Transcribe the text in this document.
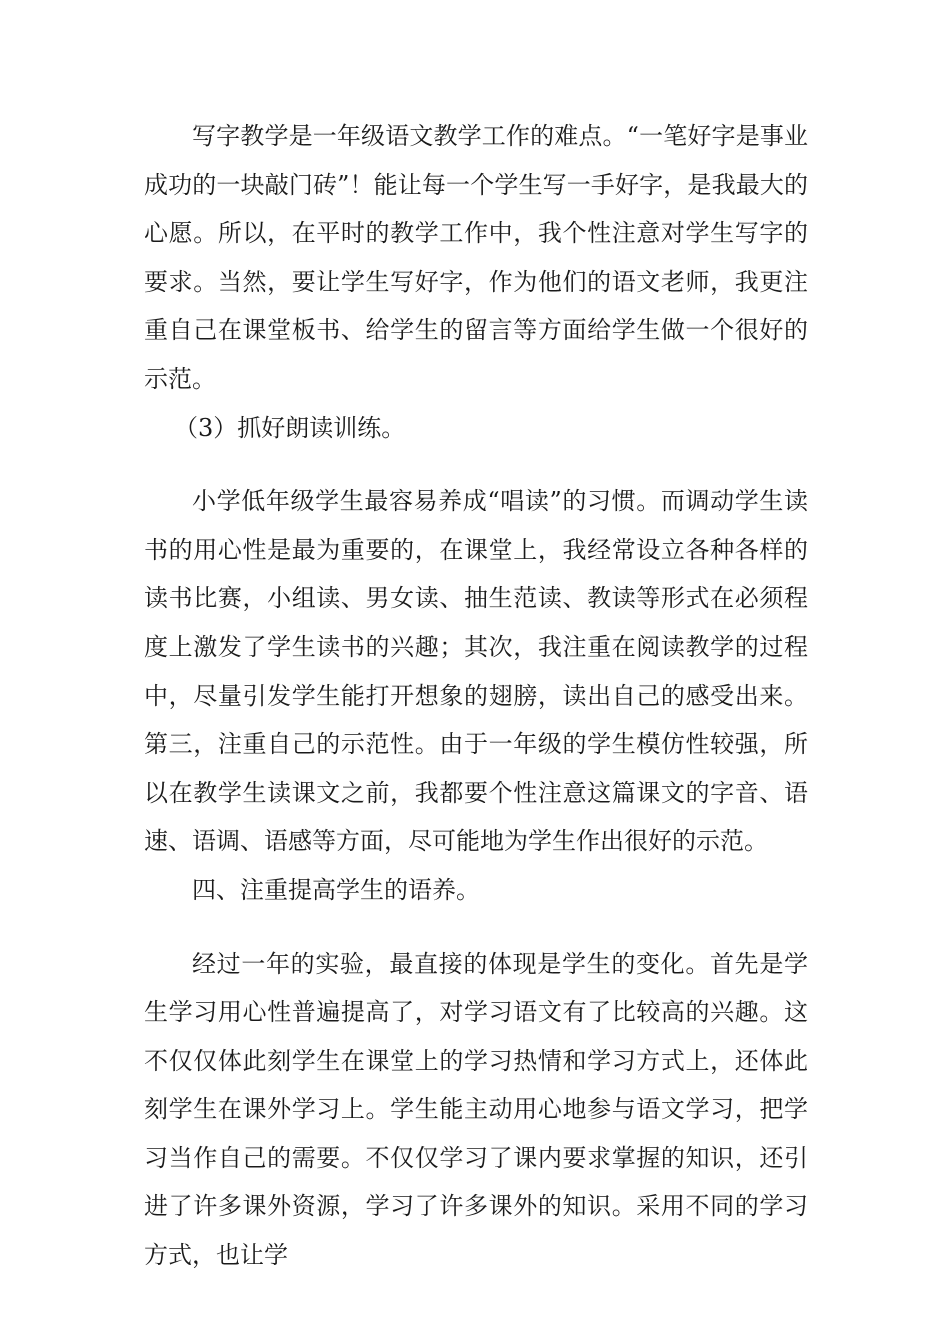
写字教学是一年级语文教学工作的难点。“一笔好字是事业成功的一块敲门砖”！能让每一个学生写一手好字，是我最大的心愿。所以，在平时的教学工作中，我个性注意对学生写字的要求。当然，要让学生写好字，作为他们的语文老师，我更注重自己在课堂板书、给学生的留言等方面给学生做一个很好的示范。

（3）抓好朗读训练。

小学低年级学生最容易养成“唱读”的习惯。而调动学生读书的用心性是最为重要的，在课堂上，我经常设立各种各样的读书比赛，小组读、男女读、抽生范读、教读等形式在必须程度上激发了学生读书的兴趣；其次，我注重在阅读教学的过程中，尽量引发学生能打开想象的翅膀，读出自己的感受出来。第三，注重自己的示范性。由于一年级的学生模仿性较强，所以在教学生读课文之前，我都要个性注意这篇课文的字音、语速、语调、语感等方面，尽可能地为学生作出很好的示范。

四、注重提高学生的语养。

经过一年的实验，最直接的体现是学生的变化。首先是学生学习用心性普遍提高了，对学习语文有了比较高的兴趣。这不仅仅体此刻学生在课堂上的学习热情和学习方式上，还体此刻学生在课外学习上。学生能主动用心地参与语文学习，把学习当作自己的需要。不仅仅学习了课内要求掌握的知识，还引进了许多课外资源，学习了许多课外的知识。采用不同的学习方式，也让学
